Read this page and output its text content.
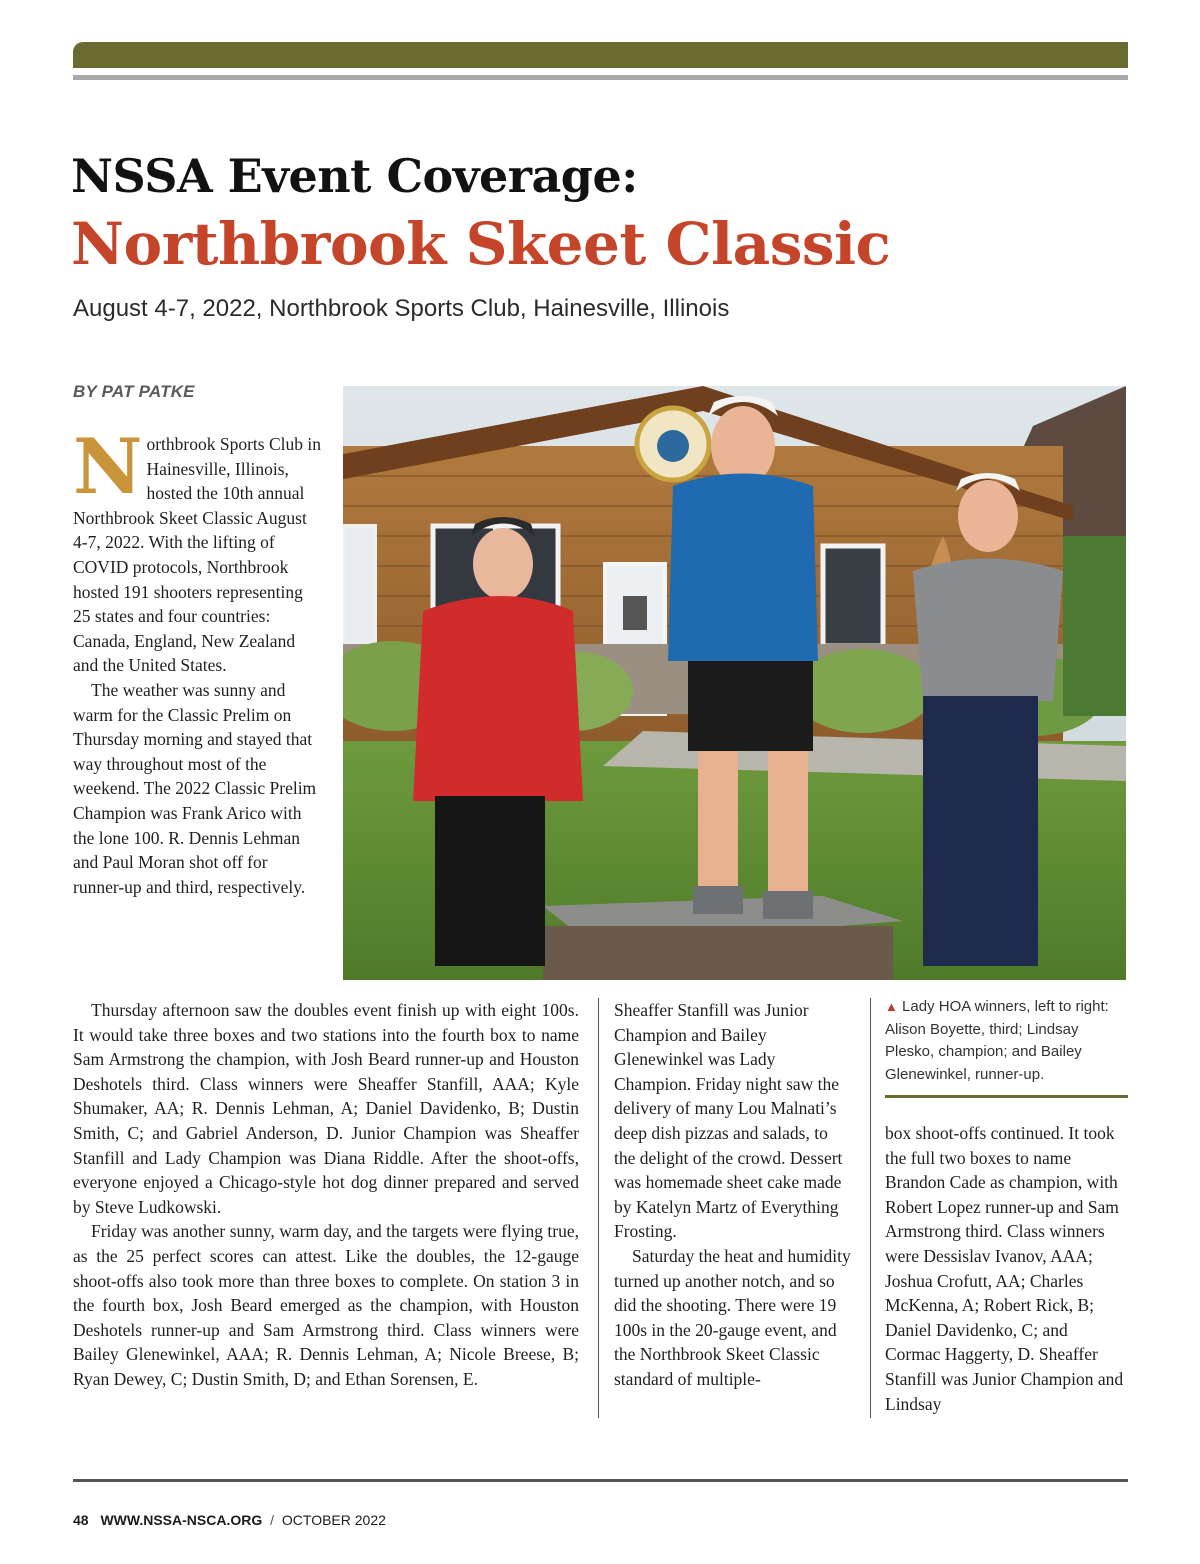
NSSA Event Coverage:
Northbrook Skeet Classic

August 4-7, 2022, Northbrook Sports Club, Hainesville, Illinois

BY PAT PATKE

Northbrook Sports Club in Hainesville, Illinois, hosted the 10th annual Northbrook Skeet Classic August 4-7, 2022. With the lifting of COVID protocols, Northbrook hosted 191 shooters representing 25 states and four countries: Canada, England, New Zealand and the United States.

The weather was sunny and warm for the Classic Prelim on Thursday morning and stayed that way throughout most of the weekend. The 2022 Classic Prelim Champion was Frank Arico with the lone 100. R. Dennis Lehman and Paul Moran shot off for runner-up and third, respectively.

Thursday afternoon saw the doubles event finish up with eight 100s. It would take three boxes and two stations into the fourth box to name Sam Armstrong the champion, with Josh Beard runner-up and Houston Deshotels third. Class winners were Sheaffer Stanfill, AAA; Kyle Shumaker, AA; R. Dennis Lehman, A; Daniel Davidenko, B; Dustin Smith, C; and Gabriel Anderson, D. Junior Champion was Sheaffer Stanfill and Lady Champion was Diana Riddle. After the shoot-offs, everyone enjoyed a Chicago-style hot dog dinner prepared and served by Steve Ludkowski.

Friday was another sunny, warm day, and the targets were flying true, as the 25 perfect scores can attest. Like the doubles, the 12-gauge shoot-offs also took more than three boxes to complete. On station 3 in the fourth box, Josh Beard emerged as the champion, with Houston Deshotels runner-up and Sam Armstrong third. Class winners were Bailey Glenewinkel, AAA; R. Dennis Lehman, A; Nicole Breese, B; Ryan Dewey, C; Dustin Smith, D; and Ethan Sorensen, E.

Sheaffer Stanfill was Junior Champion and Bailey Glenewinkel was Lady Champion. Friday night saw the delivery of many Lou Malnati’s deep dish pizzas and salads, to the delight of the crowd. Dessert was homemade sheet cake made by Katelyn Martz of Everything Frosting.

Saturday the heat and humidity turned up another notch, and so did the shooting. There were 19 100s in the 20-gauge event, and the Northbrook Skeet Classic standard of multiple-

▲ Lady HOA winners, left to right: Alison Boyette, third; Lindsay Plesko, champion; and Bailey Glenewinkel, runner-up.

box shoot-offs continued. It took the full two boxes to name Brandon Cade as champion, with Robert Lopez runner-up and Sam Armstrong third. Class winners were Dessislav Ivanov, AAA; Joshua Crofutt, AA; Charles McKenna, A; Robert Rick, B; Daniel Davidenko, C; and Cormac Haggerty, D. Sheaffer Stanfill was Junior Champion and Lindsay

48 WWW.NSSA-NSCA.ORG / OCTOBER 2022
